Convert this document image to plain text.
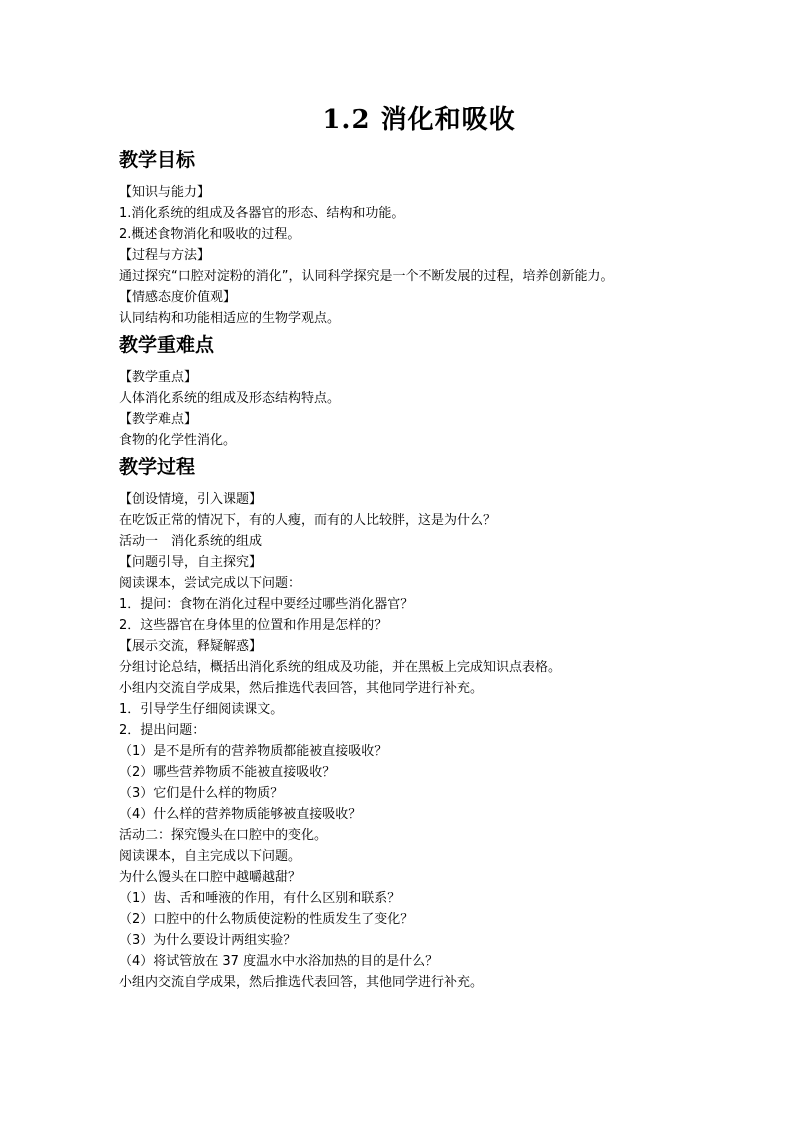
1.2 消化和吸收
教学目标

【知识与能力】

1.消化系统的组成及各器官的形态、结构和功能。

2.概述食物消化和吸收的过程。

【过程与方法】

通过探究“口腔对淀粉的消化”，认同科学探究是一个不断发展的过程，培养创新能力。

【情感态度价值观】

认同结构和功能相适应的生物学观点。

教学重难点

【教学重点】

人体消化系统的组成及形态结构特点。

【教学难点】

食物的化学性消化。

教学过程

【创设情境，引入课题】

在吃饭正常的情况下，有的人瘦，而有的人比较胖，这是为什么？

活动一　消化系统的组成

【问题引导，自主探究】

阅读课本，尝试完成以下问题：

1．提问：食物在消化过程中要经过哪些消化器官？

2．这些器官在身体里的位置和作用是怎样的？

【展示交流，释疑解惑】

分组讨论总结，概括出消化系统的组成及功能，并在黑板上完成知识点表格。

小组内交流自学成果，然后推选代表回答，其他同学进行补充。

1．引导学生仔细阅读课文。

2．提出问题：

（1）是不是所有的营养物质都能被直接吸收？

（2）哪些营养物质不能被直接吸收？

（3）它们是什么样的物质？

（4）什么样的营养物质能够被直接吸收？

活动二：探究馒头在口腔中的变化。

阅读课本，自主完成以下问题。

为什么馒头在口腔中越嚼越甜？

（1）齿、舌和唾液的作用，有什么区别和联系？

（2）口腔中的什么物质使淀粉的性质发生了变化？

（3）为什么要设计两组实验？

（4）将试管放在 37 度温水中水浴加热的目的是什么？

小组内交流自学成果，然后推选代表回答，其他同学进行补充。
